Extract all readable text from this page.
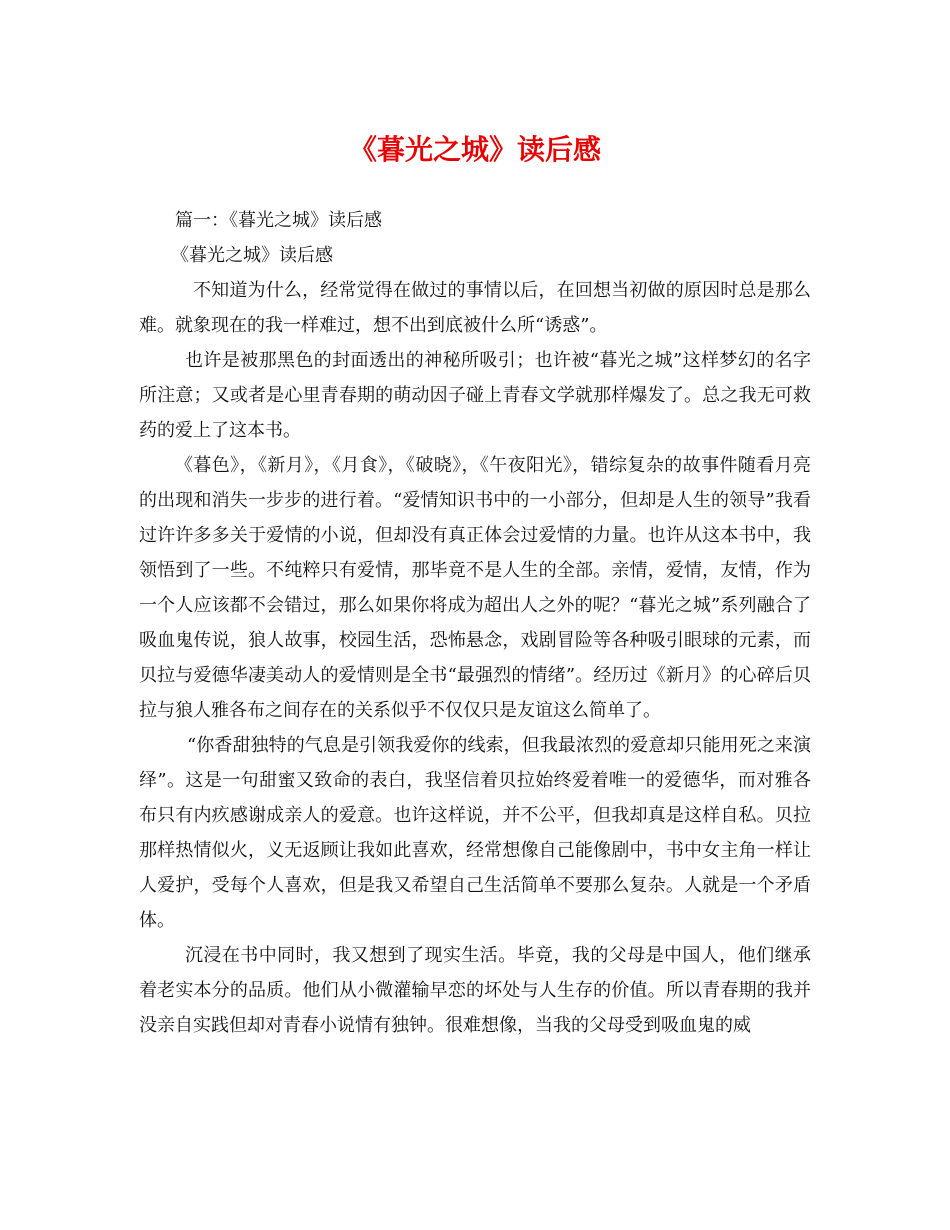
《暮光之城》读后感
篇一：《暮光之城》读后感
《暮光之城》读后感

不知道为什么，经常觉得在做过的事情以后，在回想当初做的原因时总是那么难。就象现在的我一样难过，想不出到底被什么所“诱惑”。

也许是被那黑色的封面透出的神秘所吸引；也许被“暮光之城”这样梦幻的名字所注意；又或者是心里青春期的萌动因子碰上青春文学就那样爆发了。总之我无可救药的爱上了这本书。

《暮色》，《新月》，《月食》，《破晓》，《午夜阳光》，错综复杂的故事件随看月亮的出现和消失一步步的进行着。“爱情知识书中的一小部分，但却是人生的领导”我看过许许多多关于爱情的小说，但却没有真正体会过爱情的力量。也许从这本书中，我领悟到了一些。不纯粹只有爱情，那毕竟不是人生的全部。亲情，爱情，友情，作为一个人应该都不会错过，那么如果你将成为超出人之外的呢？“暮光之城”系列融合了吸血鬼传说，狼人故事，校园生活，恐怖悬念，戏剧冒险等各种吸引眼球的元素，而贝拉与爱德华凄美动人的爱情则是全书“最强烈的情绪”。经历过《新月》的心碎后贝拉与狼人雅各布之间存在的关系似乎不仅仅只是友谊这么简单了。

“你香甜独特的气息是引领我爱你的线索，但我最浓烈的爱意却只能用死之来演绎”。这是一句甜蜜又致命的表白，我坚信着贝拉始终爱着唯一的爱德华，而对雅各布只有内疚感谢成亲人的爱意。也许这样说，并不公平，但我却真是这样自私。贝拉那样热情似火，义无返顾让我如此喜欢，经常想像自己能像剧中，书中女主角一样让人爱护，受每个人喜欢，但是我又希望自己生活简单不要那么复杂。人就是一个矛盾体。

沉浸在书中同时，我又想到了现实生活。毕竟，我的父母是中国人，他们继承着老实本分的品质。他们从小微灌输早恋的坏处与人生存的价值。所以青春期的我并没亲自实践但却对青春小说情有独钟。很难想像，当我的父母受到吸血鬼的威
